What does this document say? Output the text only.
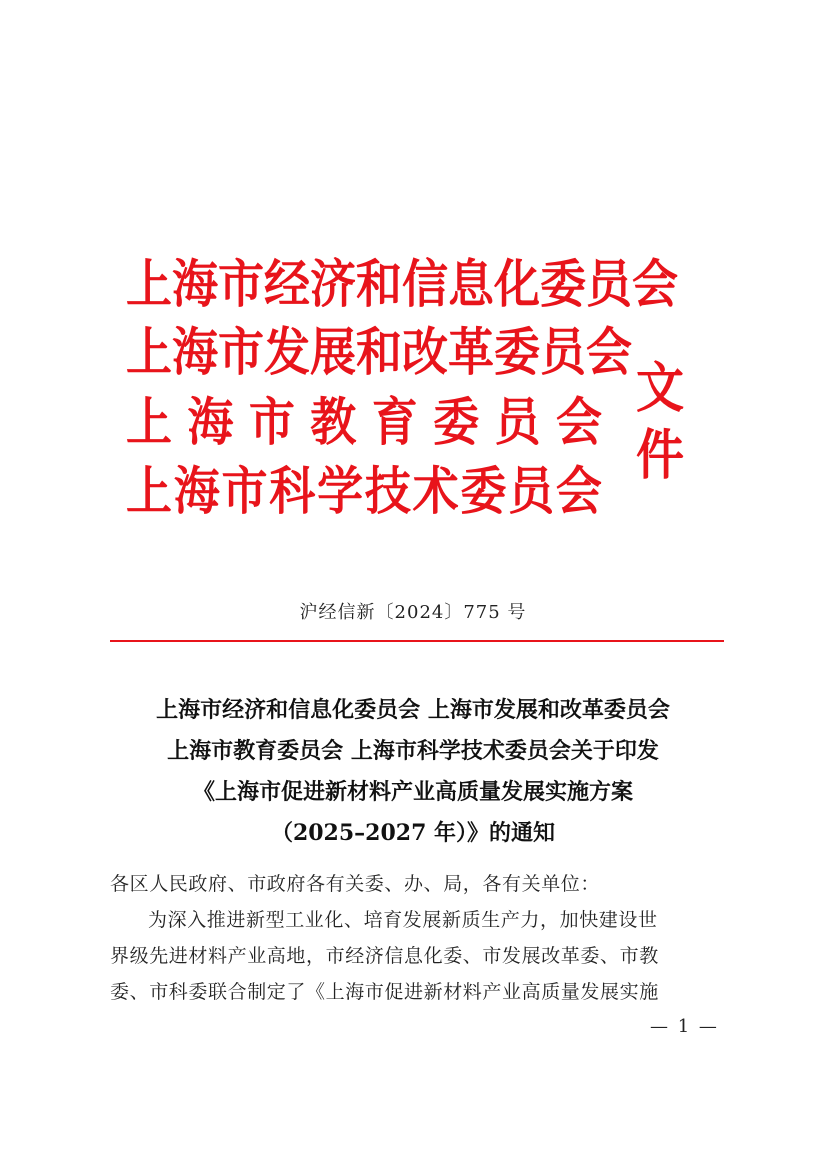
上 海 市 经 济 和 信 息 化 委 员 会
上 海 市 发 展 和 改 革 委 员 会
上 海 市 教 育 委 员 会
上 海 市 科 学 技 术 委 员 会
文件
沪经信新〔2024〕775 号
上海市经济和信息化委员会 上海市发展和改革委员会
上海市教育委员会 上海市科学技术委员会关于印发
《上海市促进新材料产业高质量发展实施方案
（2025–2027 年）》的通知
各区人民政府、市政府各有关委、办、局，各有关单位：
为深入推进新型工业化、培育发展新质生产力，加快建设世
界级先进材料产业高地，市经济信息化委、市发展改革委、市教
委、市科委联合制定了《上海市促进新材料产业高质量发展实施
— 1 —
